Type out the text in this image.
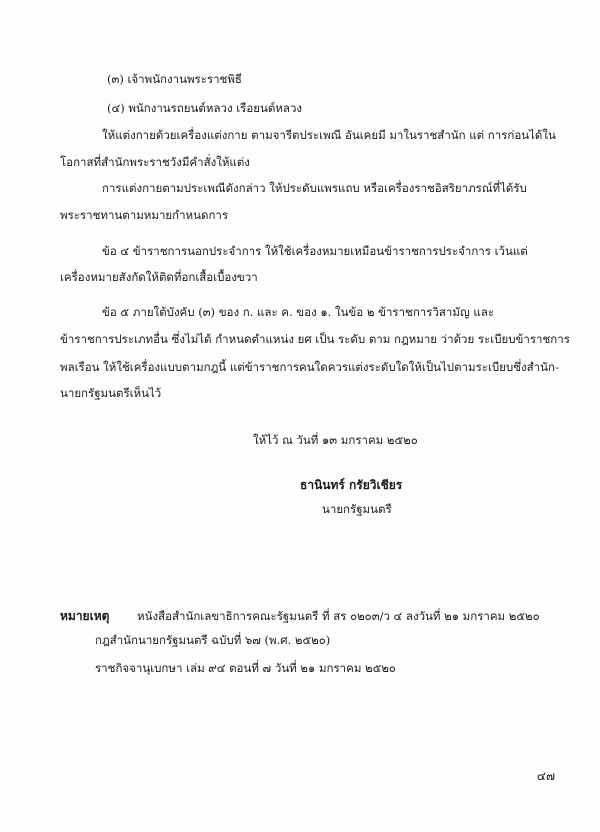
(๓) เจ้าพนักงานพระราชพิธี
(๔) พนักงานรถยนต์หลวง เรือยนต์หลวง
ให้แต่งกายด้วยเครื่องแต่งกาย ตามจารีตประเพณี อันเคยมี มาในราชสำนัก แต่ การก่อนได้ใน
โอกาสที่สำนักพระราชวังมีคำสั่งให้แต่ง
การแต่งกายตามประเพณีดังกล่าว ให้ประดับแพรแถบ หรือเครื่องราชอิสริยาภรณ์ที่ได้รับ
พระราชทานตามหมายกำหนดการ
ข้อ ๔ ข้าราชการนอกประจำการ ให้ใช้เครื่องหมายเหมือนข้าราชการประจำการ เว้นแต่
เครื่องหมายสังกัดให้ติดที่อกเสื้อเบื้องขวา
ข้อ ๕ ภายใต้บังคับ (๓) ของ ก. และ ค. ของ ๑. ในข้อ ๒ ข้าราชการวิสามัญ และ
ข้าราชการประเภทอื่น ซึ่งไม่ได้ กำหนดตำแหน่ง ยศ เป็น ระดับ ตาม กฎหมาย ว่าด้วย ระเบียบข้าราชการ
พลเรือน ให้ใช้เครื่องแบบตามกฎนี้ แต่ข้าราชการคนใดควรแต่งระดับใดให้เป็นไปตามระเบียบซึ่งสำนัก-
นายกรัฐมนตรีเห็นไว้
ให้ไว้ ณ วันที่ ๑๓ มกราคม ๒๕๒๐
ธานินทร์ กรัยวิเชียร
นายกรัฐมนตรี
หมายเหตุ หนังสือสำนักเลขาธิการคณะรัฐมนตรี ที่ สร ๐๒๐๓/ว ๔ ลงวันที่ ๒๑ มกราคม ๒๕๒๐
กฎสำนักนายกรัฐมนตรี ฉบับที่ ๖๗ (พ.ศ. ๒๕๒๐)
ราชกิจจานุเบกษา เล่ม ๙๔ ตอนที่ ๗ วันที่ ๒๑ มกราคม ๒๕๒๐
๔๗
